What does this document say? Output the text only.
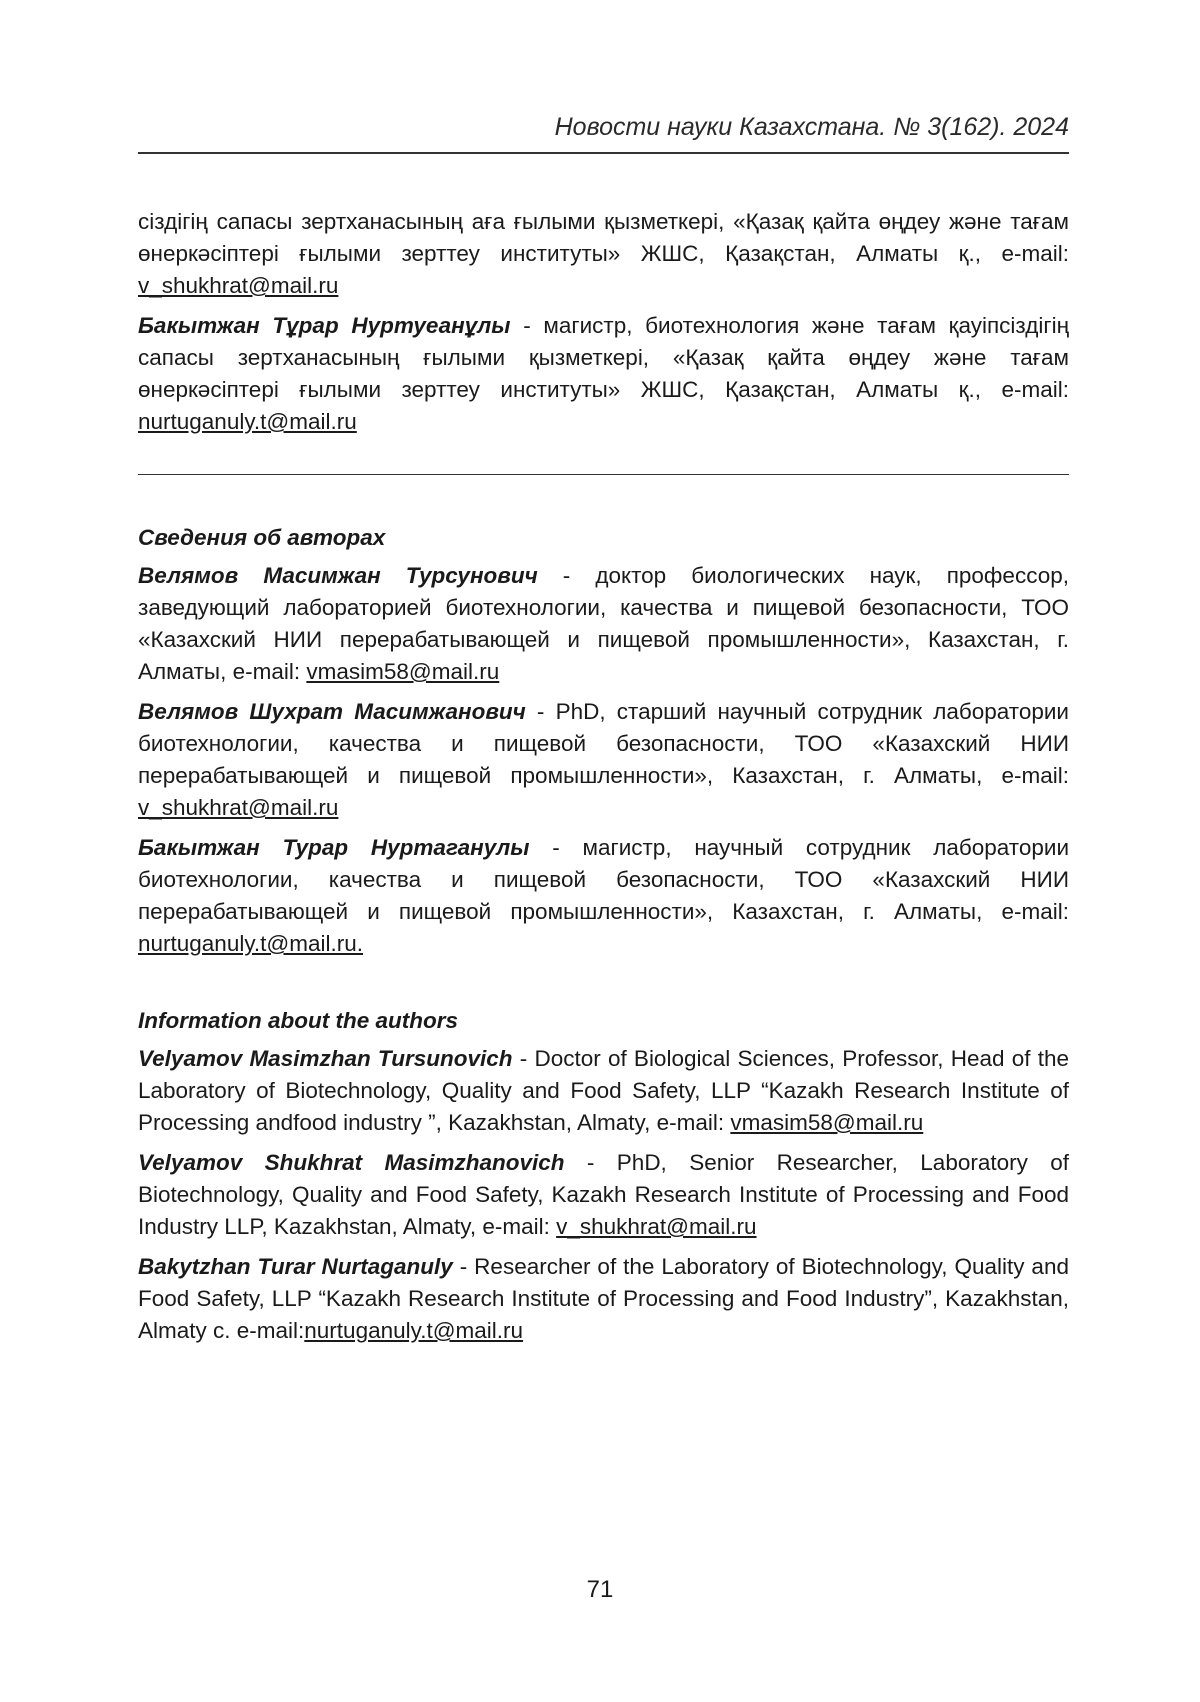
Новости науки Казахстана. № 3(162). 2024

сіздігің сапасы зертханасының аға ғылыми қызметкері, «Қазақ қайта өңдеу және тағам өнеркәсіптері ғылыми зерттеу институты» ЖШС, Қазақстан, Алматы қ., e-mail: v_shukhrat@mail.ru

Бакытжан Тұрар Нуртуеанұлы - магистр, биотехнология және тағам қауіпсіздігің сапасы зертханасының ғылыми қызметкері, «Қазақ қайта өңдеу және тағам өнеркәсіптері ғылыми зерттеу институты» ЖШС, Қазақстан, Алматы қ., e-mail: nurtuganuly.t@mail.ru

Сведения об авторах

Велямов Масимжан Турсунович - доктор биологических наук, профессор, заведующий лабораторией биотехнологии, качества и пищевой безопасности, ТОО «Казахский НИИ перерабатывающей и пищевой промышленности», Казахстан, г. Алматы, e-mail: vmasim58@mail.ru

Велямов Шухрат Масимжанович - PhD, старший научный сотрудник лаборатории биотехнологии, качества и пищевой безопасности, ТОО «Казахский НИИ перерабатывающей и пищевой промышленности», Казахстан, г. Алматы, e-mail: v_shukhrat@mail.ru

Бакытжан Турар Нуртаганулы - магистр, научный сотрудник лаборатории биотехнологии, качества и пищевой безопасности, ТОО «Казахский НИИ перерабатывающей и пищевой промышленности», Казахстан, г. Алматы, e-mail: nurtuganuly.t@mail.ru.

Information about the authors

Velyamov Masimzhan Tursunovich - Doctor of Biological Sciences, Professor, Head of the Laboratory of Biotechnology, Quality and Food Safety, LLP “Kazakh Research Institute of Processing andfood industry ”, Kazakhstan, Almaty, e-mail: vmasim58@mail.ru

Velyamov Shukhrat Masimzhanovich - PhD, Senior Researcher, Laboratory of Biotechnology, Quality and Food Safety, Kazakh Research Institute of Processing and Food Industry LLP, Kazakhstan, Almaty, e-mail: v_shukhrat@mail.ru

Bakytzhan Turar Nurtaganuly - Researcher of the Laboratory of Biotechnology, Quality and Food Safety, LLP “Kazakh Research Institute of Processing and Food Industry”, Kazakhstan, Almaty c. e-mail:nurtuganuly.t@mail.ru

71
